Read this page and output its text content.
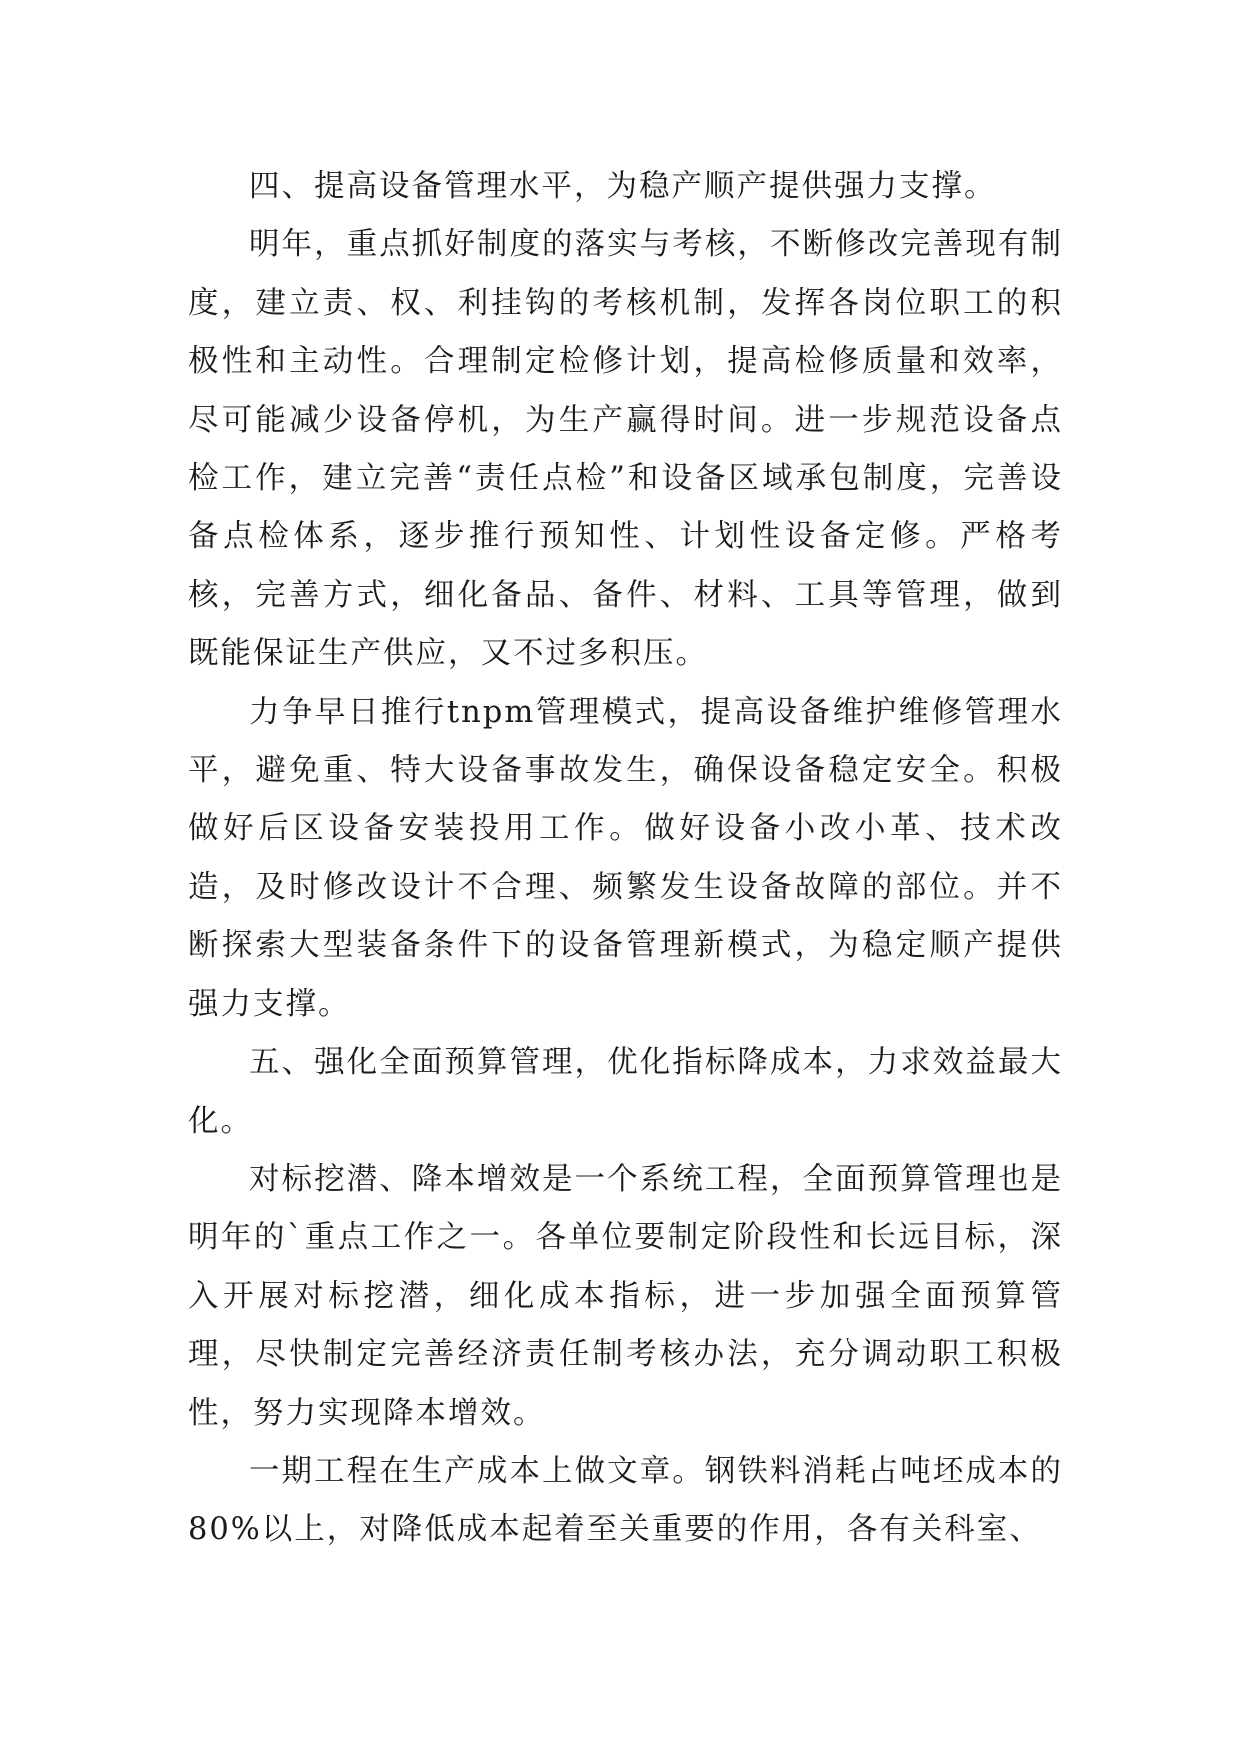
四、提高设备管理水平，为稳产顺产提供强力支撑。

明年，重点抓好制度的落实与考核，不断修改完善现有制度，建立责、权、利挂钩的考核机制，发挥各岗位职工的积极性和主动性。合理制定检修计划，提高检修质量和效率，尽可能减少设备停机，为生产赢得时间。进一步规范设备点检工作，建立完善“责任点检”和设备区域承包制度，完善设备点检体系，逐步推行预知性、计划性设备定修。严格考核，完善方式，细化备品、备件、材料、工具等管理，做到既能保证生产供应，又不过多积压。

力争早日推行tnpm管理模式，提高设备维护维修管理水平，避免重、特大设备事故发生，确保设备稳定安全。积极做好后区设备安装投用工作。做好设备小改小革、技术改造，及时修改设计不合理、频繁发生设备故障的部位。并不断探索大型装备条件下的设备管理新模式，为稳定顺产提供强力支撑。

五、强化全面预算管理，优化指标降成本，力求效益最大化。

对标挖潜、降本增效是一个系统工程，全面预算管理也是明年的`重点工作之一。各单位要制定阶段性和长远目标，深入开展对标挖潜，细化成本指标，进一步加强全面预算管理，尽快制定完善经济责任制考核办法，充分调动职工积极性，努力实现降本增效。

一期工程在生产成本上做文章。钢铁料消耗占吨坯成本的80%以上，对降低成本起着至关重要的作用，各有关科室、
